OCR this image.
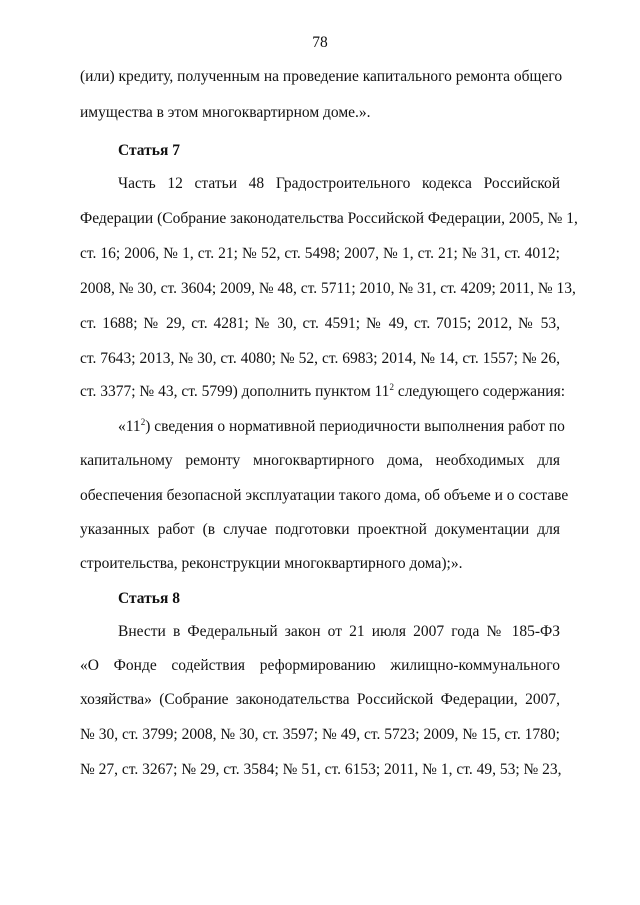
78
(или) кредиту, полученным на проведение капитального ремонта общего
имущества в этом многоквартирном доме.».
Статья 7
Часть 12 статьи 48 Градостроительного кодекса Российской
Федерации (Собрание законодательства Российской Федерации, 2005, № 1,
ст. 16; 2006, № 1, ст. 21; № 52, ст. 5498; 2007, № 1, ст. 21; № 31, ст. 4012;
2008, № 30, ст. 3604; 2009, № 48, ст. 5711; 2010, № 31, ст. 4209; 2011, № 13,
ст. 1688; № 29, ст. 4281; № 30, ст. 4591; № 49, ст. 7015; 2012, № 53,
ст. 7643; 2013, № 30, ст. 4080; № 52, ст. 6983; 2014, № 14, ст. 1557; № 26,
ст. 3377; № 43, ст. 5799) дополнить пунктом $11^2$ следующего содержания:
«$11^2$) сведения о нормативной периодичности выполнения работ по
капитальному ремонту многоквартирного дома, необходимых для
обеспечения безопасной эксплуатации такого дома, об объеме и о составе
указанных работ (в случае подготовки проектной документации для
строительства, реконструкции многоквартирного дома);».
Статья 8
Внести в Федеральный закон от 21 июля 2007 года № 185-ФЗ
«О Фонде содействия реформированию жилищно-коммунального
хозяйства» (Собрание законодательства Российской Федерации, 2007,
№ 30, ст. 3799; 2008, № 30, ст. 3597; № 49, ст. 5723; 2009, № 15, ст. 1780;
№ 27, ст. 3267; № 29, ст. 3584; № 51, ст. 6153; 2011, № 1, ст. 49, 53; № 23,
